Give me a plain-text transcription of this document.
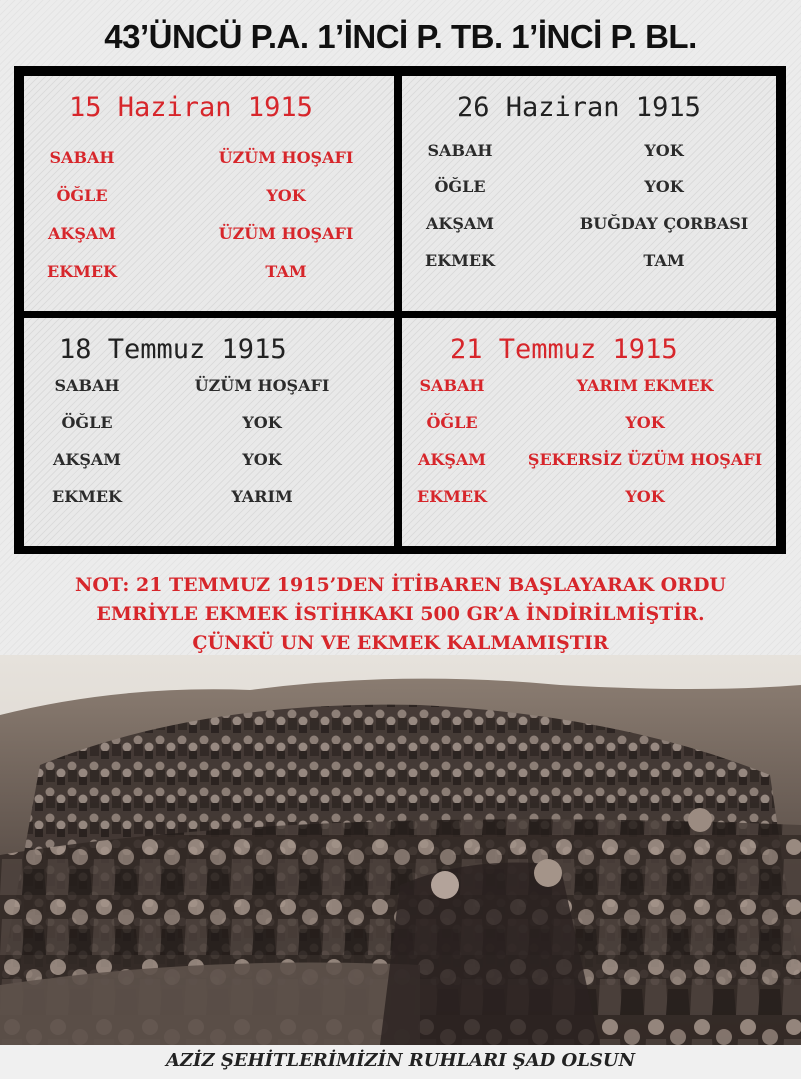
43’ÜNCÜ P.A. 1’İNCİ P. TB. 1’İNCİ P. BL.
15 Haziran 1915
SABAH	ÜZÜM HOŞAFI
ÖĞLE	YOK
AKŞAM	ÜZÜM HOŞAFI
EKMEK	TAM
26 Haziran 1915
SABAH	YOK
ÖĞLE	YOK
AKŞAM	BUĞDAY ÇORBASI
EKMEK	TAM
18 Temmuz 1915
SABAH	ÜZÜM HOŞAFI
ÖĞLE	YOK
AKŞAM	YOK
EKMEK	YARIM
21 Temmuz 1915
SABAH	YARIM EKMEK
ÖĞLE	YOK
AKŞAM	ŞEKERSİZ ÜZÜM HOŞAFI
EKMEK	YOK
NOT: 21 TEMMUZ 1915’DEN İTİBAREN BAŞLAYARAK ORDU
EMRİYLE EKMEK İSTİHKAKI 500 GR’A İNDİRİLMİŞTİR.
ÇÜNKÜ UN VE EKMEK KALMAMIŞTIR
AZİZ ŞEHİTLERİMİZİN RUHLARI ŞAD OLSUN
